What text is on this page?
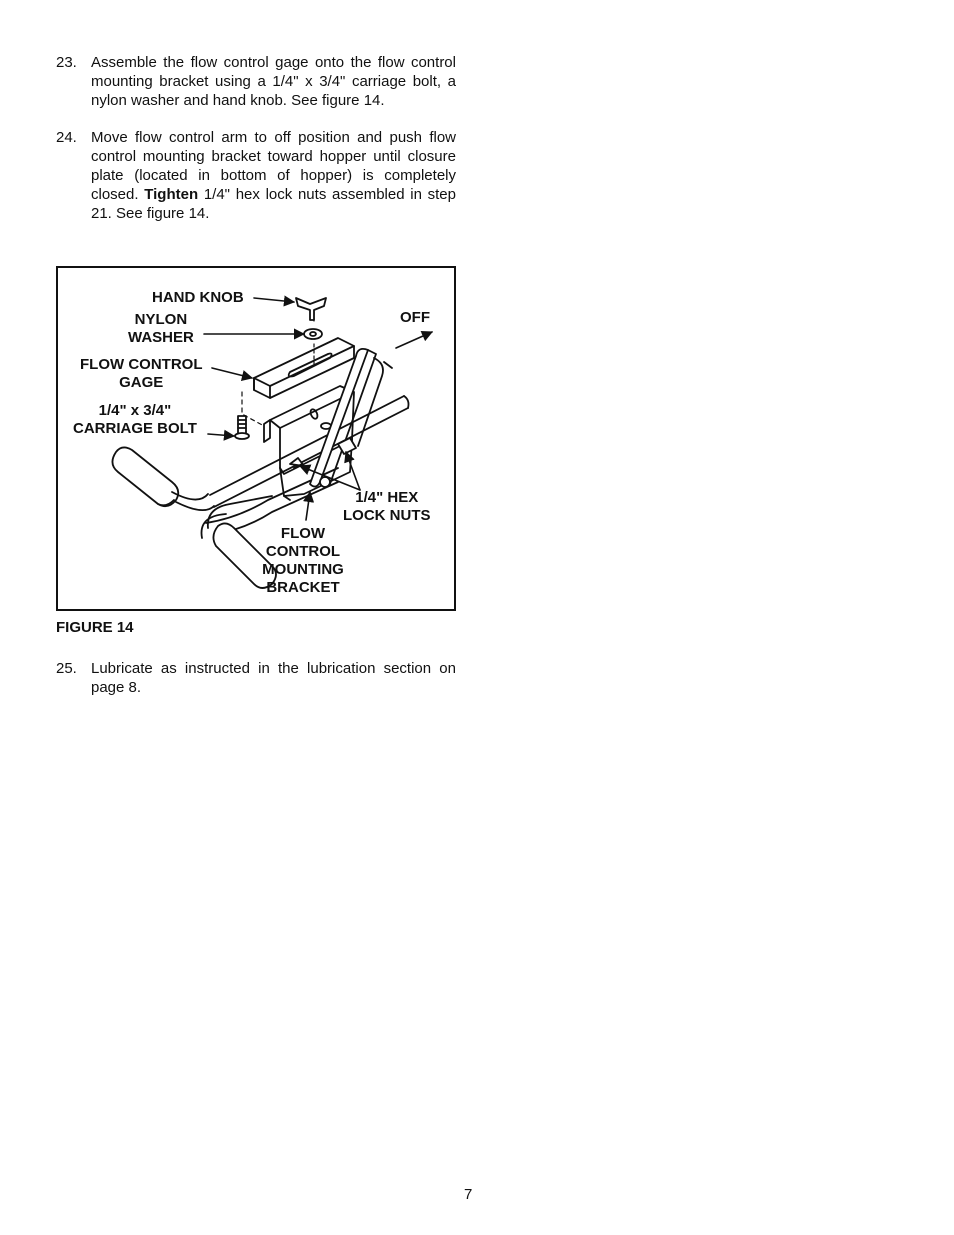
23. Assemble the flow control gage onto the flow control mounting bracket using a 1/4" x 3/4" carriage bolt, a nylon washer and hand knob. See figure 14.
24. Move flow control arm to off position and push flow control mounting bracket toward hopper until closure plate (located in bottom of hopper) is completely closed. Tighten 1/4" hex lock nuts assembled in step 21. See figure 14.
HAND KNOB
NYLON
WASHER
OFF
FLOW CONTROL
GAGE
1/4" x 3/4"
CARRIAGE BOLT
1/4" HEX
LOCK NUTS
FLOW
CONTROL
MOUNTING
BRACKET
FIGURE 14
25. Lubricate as instructed in the lubrication section on page 8.
7
